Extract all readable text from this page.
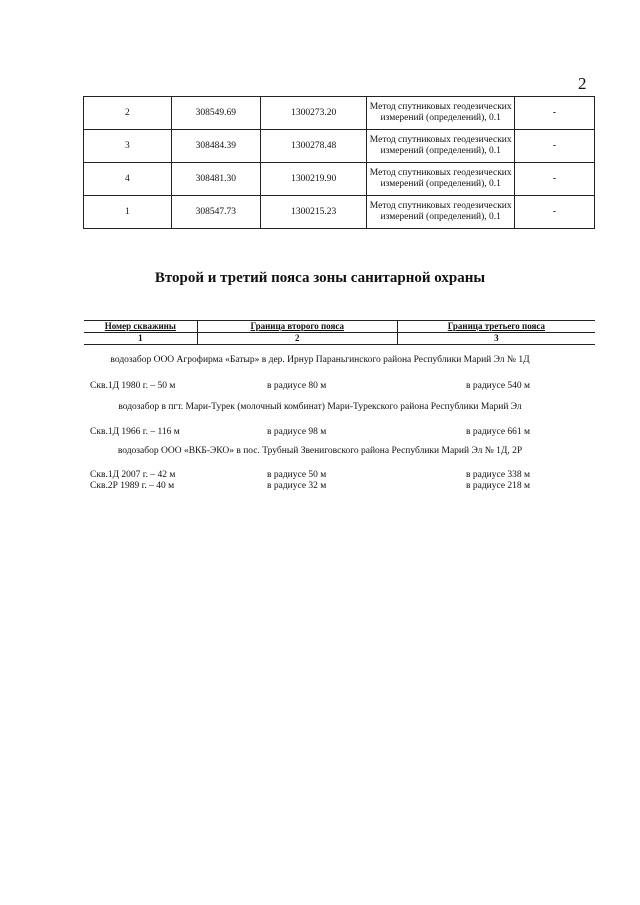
2
2	308549.69	1300273.20	Метод спутниковых геодезических измерений (определений), 0.1	-
3	308484.39	1300278.48	Метод спутниковых геодезических измерений (определений), 0.1	-
4	308481.30	1300219.90	Метод спутниковых геодезических измерений (определений), 0.1	-
1	308547.73	1300215.23	Метод спутниковых геодезических измерений (определений), 0.1	-
Второй и третий пояса зоны санитарной охраны
Номер скважины	Граница второго пояса	Граница третьего пояса
1	2	3
водозабор ООО Агрофирма «Батыр» в дер. Ирнур Параньгинского района Республики Марий Эл № 1Д
Скв.1Д 1980 г. – 50 м	в радиусе 80 м	в радиусе 540 м
водозабор в пгт. Мари-Турек (молочный комбинат) Мари-Турекского района Республики Марий Эл
Скв.1Д 1966 г. – 116 м	в радиусе 98 м	в радиусе 661 м
водозабор ООО «ВКБ-ЭКО» в пос. Трубный Звениговского района Республики Марий Эл № 1Д, 2Р
Скв.1Д 2007 г. – 42 м	в радиусе 50 м	в радиусе 338 м
Скв.2Р 1989 г. – 40 м	в радиусе 32 м	в радиусе 218 м
